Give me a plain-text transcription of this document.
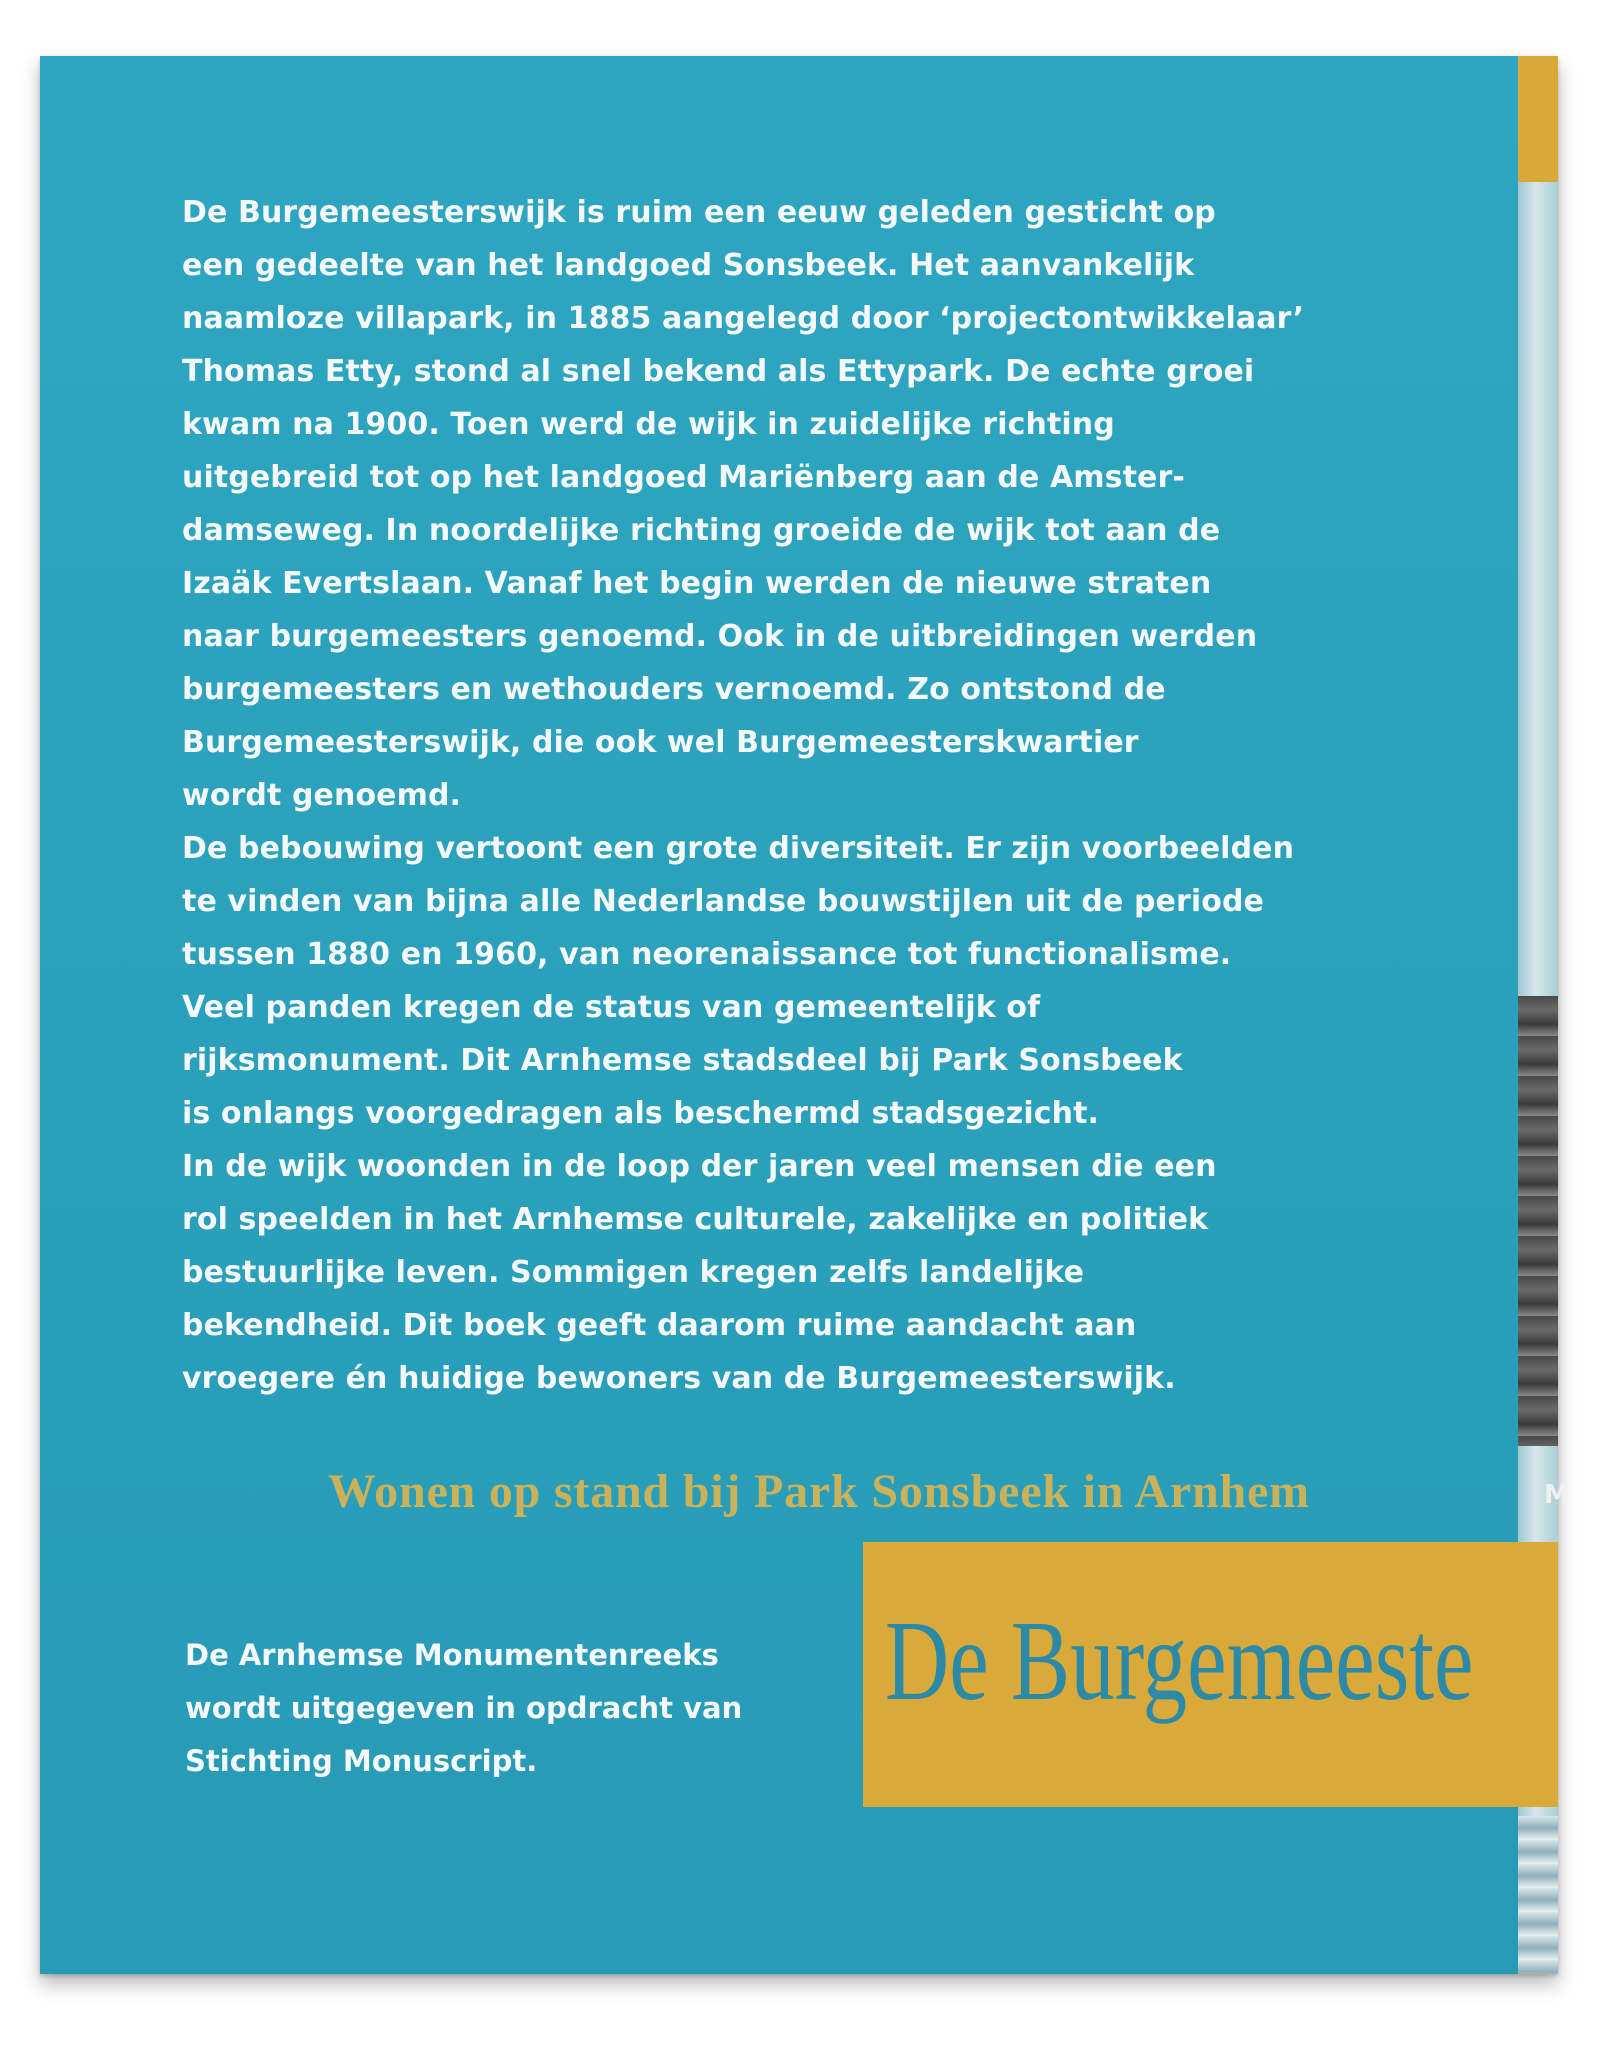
De Burgemeesterswijk is ruim een eeuw geleden gesticht op
een gedeelte van het landgoed Sonsbeek. Het aanvankelijk
naamloze villapark, in 1885 aangelegd door ‘projectontwikkelaar’
Thomas Etty, stond al snel bekend als Ettypark. De echte groei
kwam na 1900. Toen werd de wijk in zuidelijke richting
uitgebreid tot op het landgoed Mariënberg aan de Amster-
damseweg. In noordelijke richting groeide de wijk tot aan de
Izaäk Evertslaan. Vanaf het begin werden de nieuwe straten
naar burgemeesters genoemd. Ook in de uitbreidingen werden
burgemeesters en wethouders vernoemd. Zo ontstond de
Burgemeesterswijk, die ook wel Burgemeesterskwartier
wordt genoemd.
De bebouwing vertoont een grote diversiteit. Er zijn voorbeelden
te vinden van bijna alle Nederlandse bouwstijlen uit de periode
tussen 1880 en 1960, van neorenaissance tot functionalisme.
Veel panden kregen de status van gemeentelijk of
rijksmonument. Dit Arnhemse stadsdeel bij Park Sonsbeek
is onlangs voorgedragen als beschermd stadsgezicht.
In de wijk woonden in de loop der jaren veel mensen die een
rol speelden in het Arnhemse culturele, zakelijke en politiek
bestuurlijke leven. Sommigen kregen zelfs landelijke
bekendheid. Dit boek geeft daarom ruime aandacht aan
vroegere én huidige bewoners van de Burgemeesterswijk.

Wonen op stand bij Park Sonsbeek in Arnhem	M

De Arnhemse Monumentenreeks
wordt uitgegeven in opdracht van
Stichting Monuscript.

De Burgemeeste
